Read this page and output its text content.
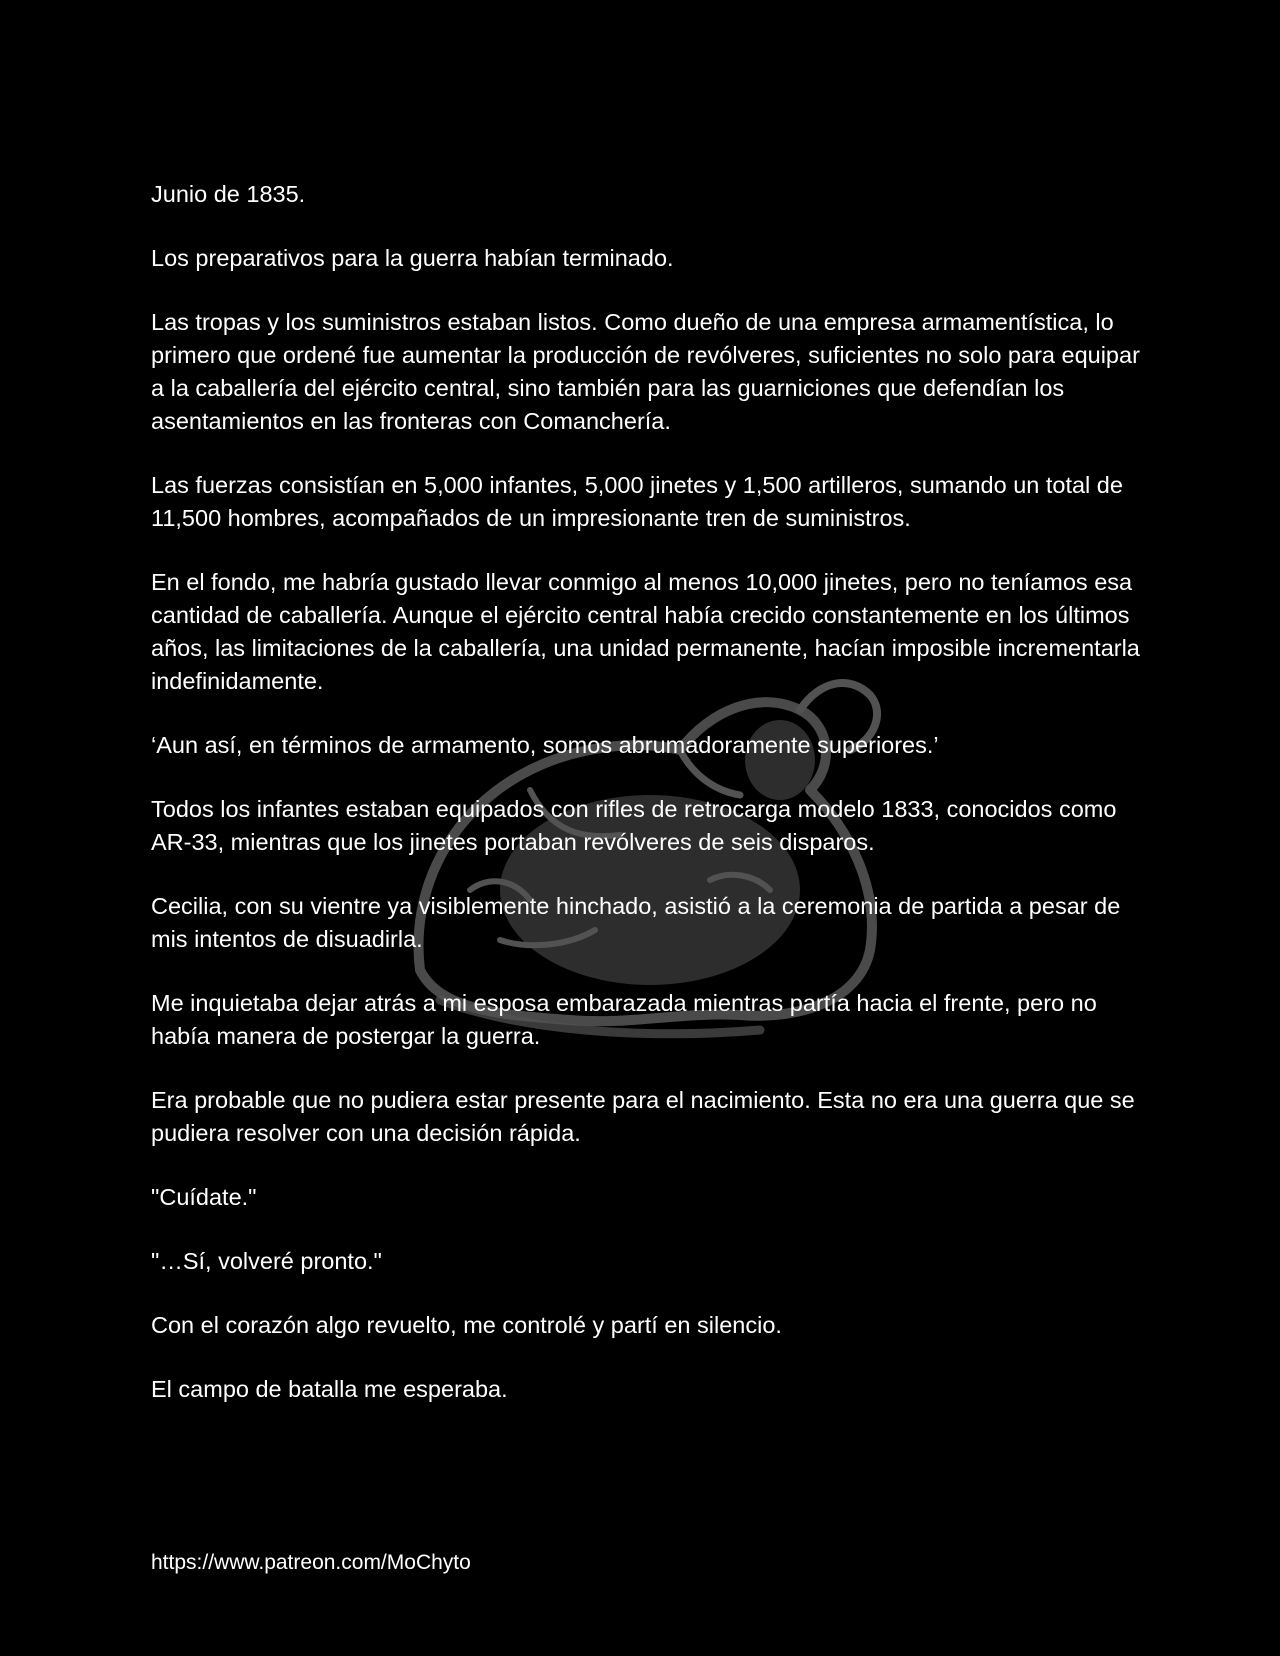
Junio de 1835.

Los preparativos para la guerra habían terminado.

Las tropas y los suministros estaban listos. Como dueño de una empresa armamentística, lo primero que ordené fue aumentar la producción de revólveres, suficientes no solo para equipar a la caballería del ejército central, sino también para las guarniciones que defendían los asentamientos en las fronteras con Comanchería.

Las fuerzas consistían en 5,000 infantes, 5,000 jinetes y 1,500 artilleros, sumando un total de 11,500 hombres, acompañados de un impresionante tren de suministros.

En el fondo, me habría gustado llevar conmigo al menos 10,000 jinetes, pero no teníamos esa cantidad de caballería. Aunque el ejército central había crecido constantemente en los últimos años, las limitaciones de la caballería, una unidad permanente, hacían imposible incrementarla indefinidamente.

‘Aun así, en términos de armamento, somos abrumadoramente superiores.’

Todos los infantes estaban equipados con rifles de retrocarga modelo 1833, conocidos como AR-33, mientras que los jinetes portaban revólveres de seis disparos.

Cecilia, con su vientre ya visiblemente hinchado, asistió a la ceremonia de partida a pesar de mis intentos de disuadirla.

Me inquietaba dejar atrás a mi esposa embarazada mientras partía hacia el frente, pero no había manera de postergar la guerra.

Era probable que no pudiera estar presente para el nacimiento. Esta no era una guerra que se pudiera resolver con una decisión rápida.

"Cuídate."

"…Sí, volveré pronto."

Con el corazón algo revuelto, me controlé y partí en silencio.

El campo de batalla me esperaba.

https://www.patreon.com/MoChyto
